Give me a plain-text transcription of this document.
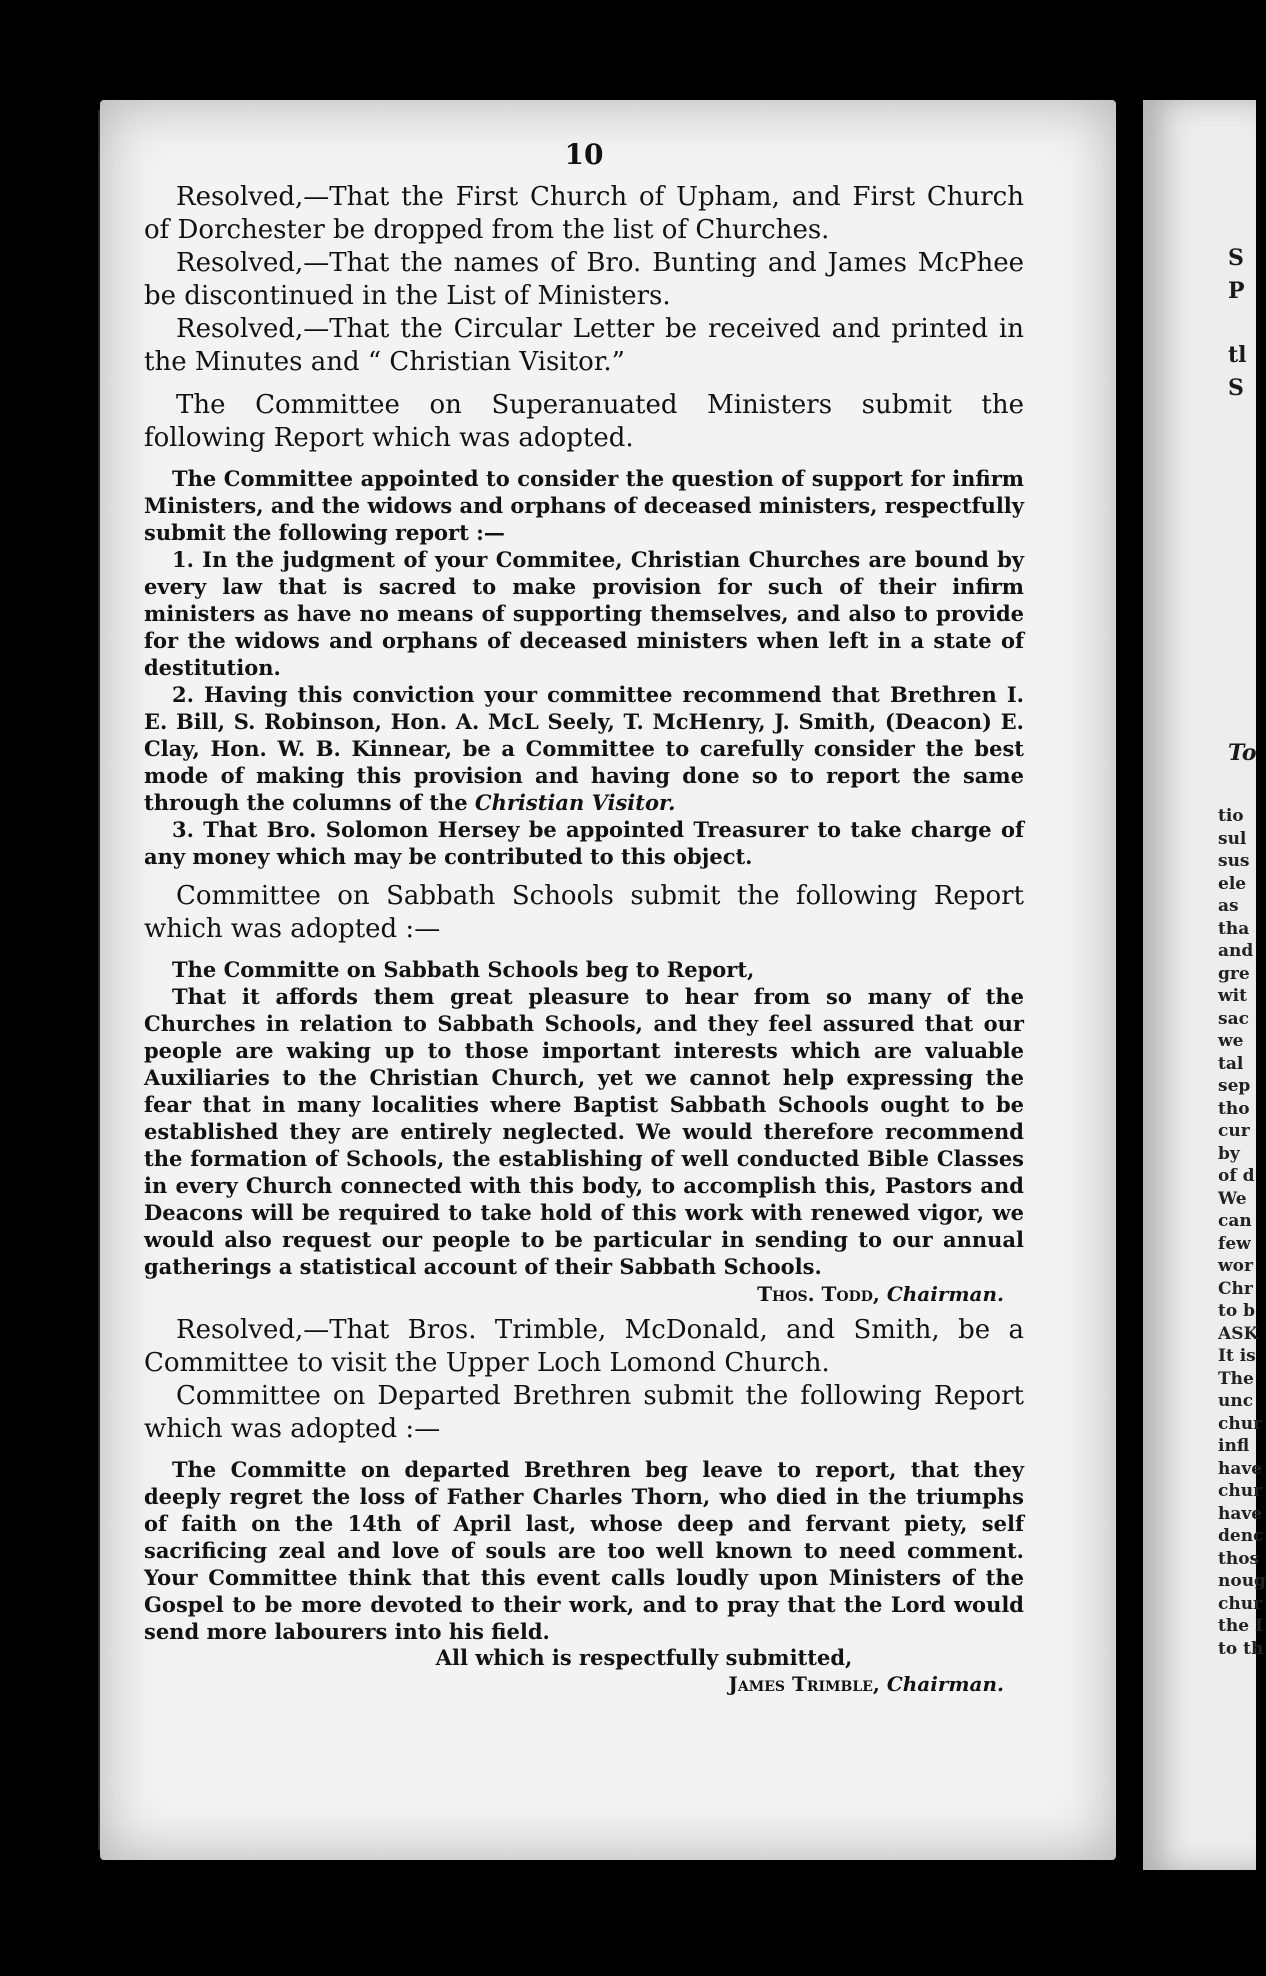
10

Resolved,—That the First Church of Upham, and First Church of Dorchester be dropped from the list of Churches.

Resolved,—That the names of Bro. Bunting and James McPhee be discontinued in the List of Ministers.

Resolved,—That the Circular Letter be received and printed in the Minutes and “ Christian Visitor.”

The Committee on Superanuated Ministers submit the following Report which was adopted.

The Committee appointed to consider the question of support for infirm Ministers, and the widows and orphans of deceased ministers, respectfully submit the following report :—

1. In the judgment of your Commitee, Christian Churches are bound by every law that is sacred to make provision for such of their infirm ministers as have no means of supporting themselves, and also to provide for the widows and orphans of deceased ministers when left in a state of destitution.

2. Having this conviction your committee recommend that Brethren I. E. Bill, S. Robinson, Hon. A. McL Seely, T. McHenry, J. Smith, (Deacon) E. Clay, Hon. W. B. Kinnear, be a Committee to carefully consider the best mode of making this provision and having done so to report the same through the columns of the Christian Visitor.

3. That Bro. Solomon Hersey be appointed Treasurer to take charge of any money which may be contributed to this object.

Committee on Sabbath Schools submit the following Report which was adopted :—

The Committe on Sabbath Schools beg to Report,

That it affords them great pleasure to hear from so many of the Churches in relation to Sabbath Schools, and they feel assured that our people are waking up to those important interests which are valuable Auxiliaries to the Christian Church, yet we cannot help expressing the fear that in many localities where Baptist Sabbath Schools ought to be established they are entirely neglected. We would therefore recommend the formation of Schools, the establishing of well conducted Bible Classes in every Church connected with this body, to accomplish this, Pastors and Deacons will be required to take hold of this work with renewed vigor, we would also request our people to be particular in sending to our annual gatherings a statistical account of their Sabbath Schools.

Thos. Todd, Chairman.

Resolved,—That Bros. Trimble, McDonald, and Smith, be a Committee to visit the Upper Loch Lomond Church.

Committee on Departed Brethren submit the following Report which was adopted :—

The Committe on departed Brethren beg leave to report, that they deeply regret the loss of Father Charles Thorn, who died in the triumphs of faith on the 14th of April last, whose deep and fervant piety, self sacrificing zeal and love of souls are too well known to need comment. Your Committee think that this event calls loudly upon Ministers of the Gospel to be more devoted to their work, and to pray that the Lord would send more labourers into his field.

All which is respectfully submitted,

James Trimble, Chairman.
S
P
tl
S
To
tio
sul
sus
ele
as
tha
and
gre
wit
sac
we
tal
sep
tho
cur
by
of d
We
can
few
wor
Chr
to b
ASK
It is
The
unc
chur
infl
have
chur
have
denc
thos
noug
chur
the I
to th
